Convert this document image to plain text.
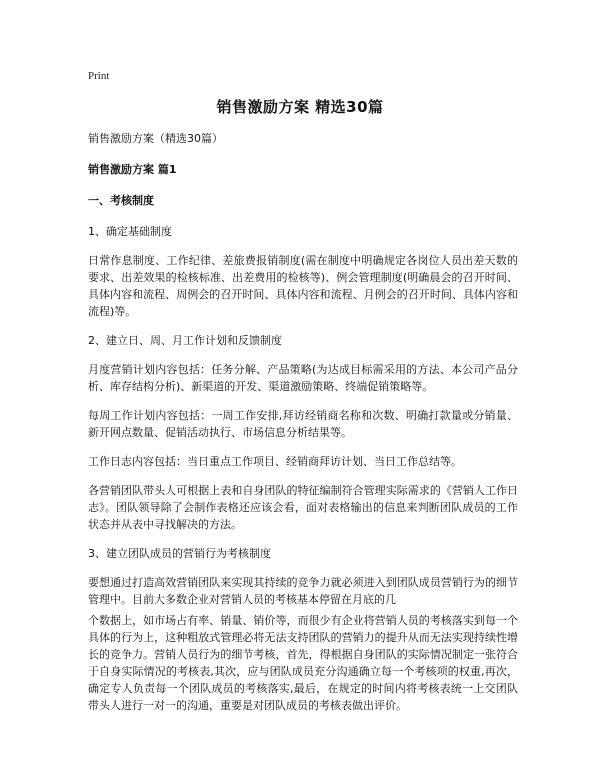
Print
销售激励方案 精选30篇

销售激励方案（精选30篇）

销售激励方案 篇1

一、考核制度

1、确定基础制度

日常作息制度、工作纪律、差旅费报销制度(需在制度中明确规定各岗位人员出差天数的要求、出差效果的检核标准、出差费用的检核等)、例会管理制度(明确晨会的召开时间、具体内容和流程、周例会的召开时间、具体内容和流程、月例会的召开时间、具体内容和流程)等。

2、建立日、周、月工作计划和反馈制度

月度营销计划内容包括：任务分解、产品策略(为达成目标需采用的方法、本公司产品分析、库存结构分析)、新渠道的开发、渠道激励策略、终端促销策略等。

每周工作计划内容包括：一周工作安排,拜访经销商名称和次数、明确打款量或分销量、新开网点数量、促销活动执行、市场信息分析结果等。

工作日志内容包括：当日重点工作项目、经销商拜访计划、当日工作总结等。

各营销团队带头人可根据上表和自身团队的特征编制符合管理实际需求的《营销人工作日志》。团队领导除了会制作表格还应该会看，面对表格输出的信息来判断团队成员的工作状态并从表中寻找解决的方法。

3、建立团队成员的营销行为考核制度

要想通过打造高效营销团队来实现其持续的竞争力就必须进入到团队成员营销行为的细节管理中。目前大多数企业对营销人员的考核基本停留在月底的几

个数据上，如市场占有率、销量、销价等，而很少有企业将营销人员的考核落实到每一个具体的行为上，这种粗放式管理必将无法支持团队的营销力的提升从而无法实现持续性增长的竞争力。营销人员行为的细节考核，首先，得根据自身团队的实际情况制定一张符合于自身实际情况的考核表,其次，应与团队成员充分沟通确立每一个考核项的权重,再次，确定专人负责每一个团队成员的考核落实,最后，在规定的时间内将考核表统一上交团队带头人进行一对一的沟通，重要是对团队成员的考核表做出评价。
